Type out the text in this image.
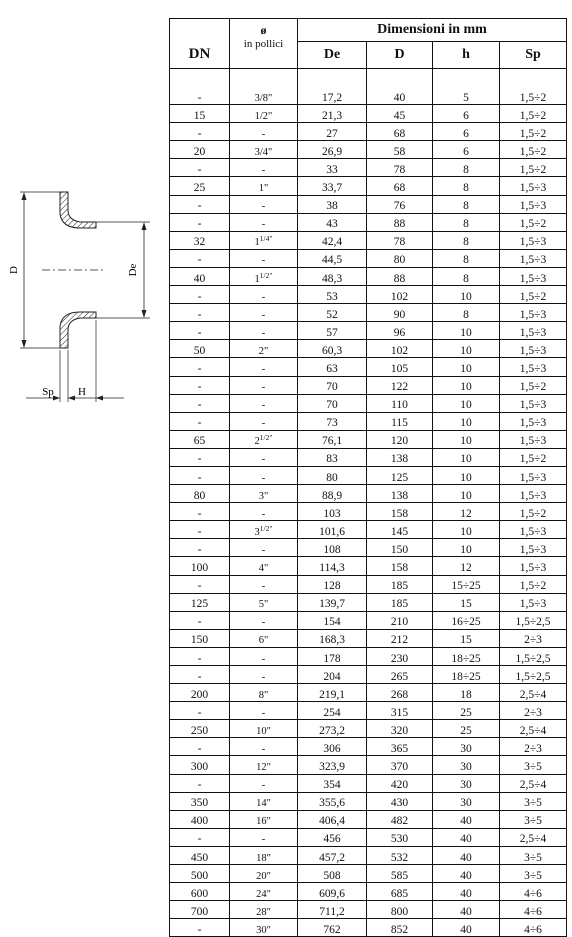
D	De
Sp H
DN	ø
in pollici	Dimensioni in mm			
		De	D	h	Sp

-	3/8"	17,2	40	5	1,5÷2
15	1/2"	21,3	45	6	1,5÷2
-	-	27	68	6	1,5÷2
20	3/4"	26,9	58	6	1,5÷2
-	-	33	78	8	1,5÷2
25	1"	33,7	68	8	1,5÷3
-	-	38	76	8	1,5÷3
-	-	43	88	8	1,5÷2
32	$1^{1/4"}$	42,4	78	8	1,5÷3
-	-	44,5	80	8	1,5÷3
40	$1^{1/2"}$	48,3	88	8	1,5÷3
-	-	53	102	10	1,5÷2
-	-	52	90	8	1,5÷3
-	-	57	96	10	1,5÷3
50	2"	60,3	102	10	1,5÷3
-	-	63	105	10	1,5÷3
-	-	70	122	10	1,5÷2
-	-	70	110	10	1,5÷3
-	-	73	115	10	1,5÷3
65	$2^{1/2"}$	76,1	120	10	1,5÷3
-	-	83	138	10	1,5÷2
-	-	80	125	10	1,5÷3
80	3"	88,9	138	10	1,5÷3
-	-	103	158	12	1,5÷2
-	$3^{1/2"}$	101,6	145	10	1,5÷3
-	-	108	150	10	1,5÷3
100	4"	114,3	158	12	1,5÷3
-	-	128	185	15÷25	1,5÷2
125	5"	139,7	185	15	1,5÷3
-	-	154	210	16÷25	1,5÷2,5
150	6"	168,3	212	15	2÷3
-	-	178	230	18÷25	1,5÷2,5
-	-	204	265	18÷25	1,5÷2,5
200	8"	219,1	268	18	2,5÷4
-	-	254	315	25	2÷3
250	10"	273,2	320	25	2,5÷4
-	-	306	365	30	2÷3
300	12"	323,9	370	30	3÷5
-	-	354	420	30	2,5÷4
350	14"	355,6	430	30	3÷5
400	16"	406,4	482	40	3÷5
-	-	456	530	40	2,5÷4
450	18"	457,2	532	40	3÷5
500	20"	508	585	40	3÷5
600	24"	609,6	685	40	4÷6
700	28"	711,2	800	40	4÷6
-	30"	762	852	40	4÷6
